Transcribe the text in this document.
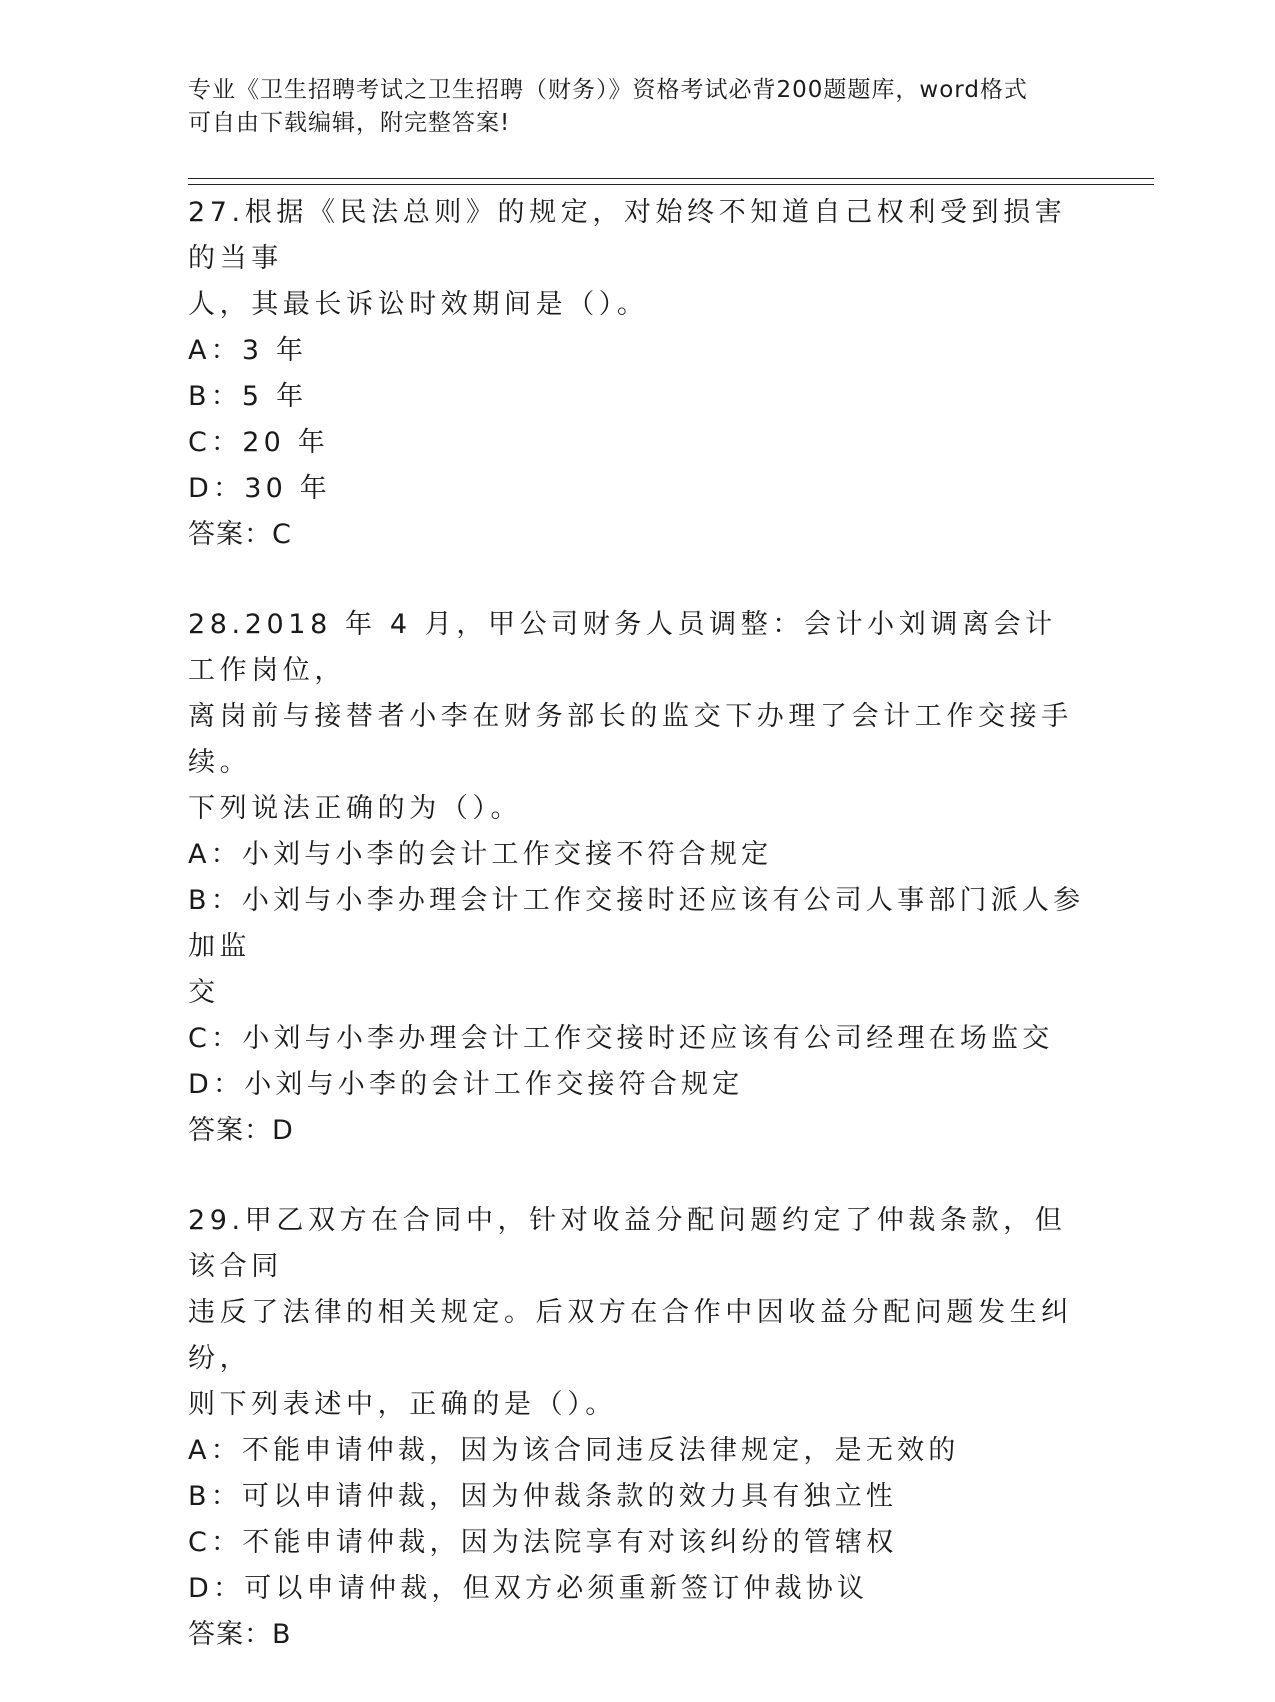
专业《卫生招聘考试之卫生招聘（财务）》资格考试必背200题题库，word格式
可自由下载编辑，附完整答案!

27.根据《民法总则》的规定，对始终不知道自己权利受到损害的当事

人，其最长诉讼时效期间是（）。

A：3 年

B：5 年

C：20 年

D：30 年

答案：C

28.2018 年 4 月，甲公司财务人员调整：会计小刘调离会计工作岗位，

离岗前与接替者小李在财务部长的监交下办理了会计工作交接手续。

下列说法正确的为（）。

A：小刘与小李的会计工作交接不符合规定

B：小刘与小李办理会计工作交接时还应该有公司人事部门派人参加监

交

C：小刘与小李办理会计工作交接时还应该有公司经理在场监交

D：小刘与小李的会计工作交接符合规定

答案：D

29.甲乙双方在合同中，针对收益分配问题约定了仲裁条款，但该合同

违反了法律的相关规定。后双方在合作中因收益分配问题发生纠纷，

则下列表述中，正确的是（）。

A：不能申请仲裁，因为该合同违反法律规定，是无效的

B：可以申请仲裁，因为仲裁条款的效力具有独立性

C：不能申请仲裁，因为法院享有对该纠纷的管辖权

D：可以申请仲裁，但双方必须重新签订仲裁协议

答案：B
